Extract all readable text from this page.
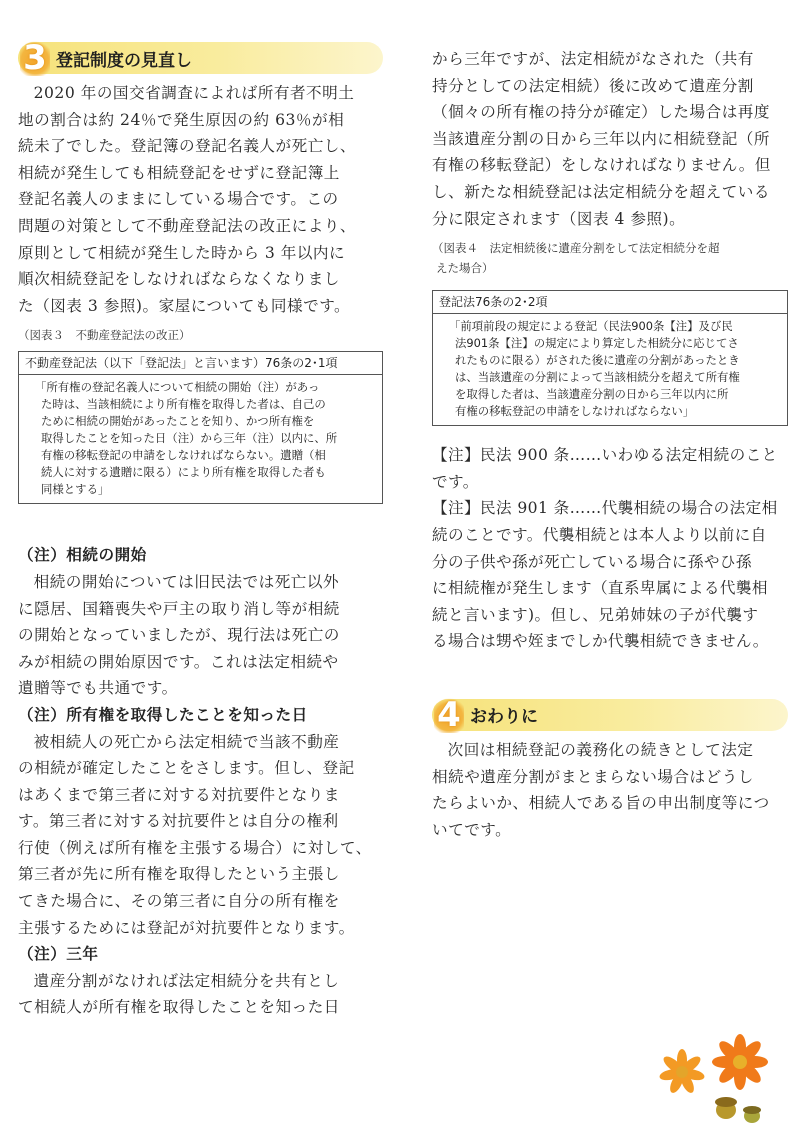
3 登記制度の見直し
2020 年の国交省調査によれば所有者不明土
地の割合は約 24％で発生原因の約 63％が相
続未了でした。登記簿の登記名義人が死亡し、
相続が発生しても相続登記をせずに登記簿上
登記名義人のままにしている場合です。この
問題の対策として不動産登記法の改正により、
原則として相続が発生した時から 3 年以内に
順次相続登記をしなければならなくなりまし
た（図表 3 参照)。家屋についても同様です。
（図表３　不動産登記法の改正）
不動産登記法（以下「登記法」と言います）76条の2･1項
「所有権の登記名義人について相続の開始（注）があっ
た時は、当該相続により所有権を取得した者は、自己の
ために相続の開始があったことを知り、かつ所有権を
取得したことを知った日（注）から三年（注）以内に、所
有権の移転登記の申請をしなければならない。遺贈（相
続人に対する遺贈に限る）により所有権を取得した者も
同様とする」
（注）相続の開始
相続の開始については旧民法では死亡以外
に隠居、国籍喪失や戸主の取り消し等が相続
の開始となっていましたが、現行法は死亡の
みが相続の開始原因です。これは法定相続や
遺贈等でも共通です。
（注）所有権を取得したことを知った日
被相続人の死亡から法定相続で当該不動産
の相続が確定したことをさします。但し、登記
はあくまで第三者に対する対抗要件となりま
す。第三者に対する対抗要件とは自分の権利
行使（例えば所有権を主張する場合）に対して、
第三者が先に所有権を取得したという主張し
てきた場合に、その第三者に自分の所有権を
主張するためには登記が対抗要件となります。
（注）三年
遺産分割がなければ法定相続分を共有とし
て相続人が所有権を取得したことを知った日
から三年ですが、法定相続がなされた（共有
持分としての法定相続）後に改めて遺産分割
（個々の所有権の持分が確定）した場合は再度
当該遺産分割の日から三年以内に相続登記（所
有権の移転登記）をしなければなりません。但
し、新たな相続登記は法定相続分を超えている
分に限定されます（図表 4 参照)。
（図表４　法定相続後に遺産分割をして法定相続分を超
えた場合）
登記法76条の2･2項
「前項前段の規定による登記（民法900条【注】及び民
法901条【注】の規定により算定した相続分に応じてさ
れたものに限る）がされた後に遺産の分割があったとき
は、当該遺産の分割によって当該相続分を超えて所有権
を取得した者は、当該遺産分割の日から三年以内に所
有権の移転登記の申請をしなければならない」
【注】民法 900 条……いわゆる法定相続のこと
です。
【注】民法 901 条……代襲相続の場合の法定相
続のことです。代襲相続とは本人より以前に自
分の子供や孫が死亡している場合に孫やひ孫
に相続権が発生します（直系卑属による代襲相
続と言います)。但し、兄弟姉妹の子が代襲す
る場合は甥や姪までしか代襲相続できません。
4 おわりに
次回は相続登記の義務化の続きとして法定
相続や遺産分割がまとまらない場合はどうし
たらよいか、相続人である旨の申出制度等につ
いてです。
